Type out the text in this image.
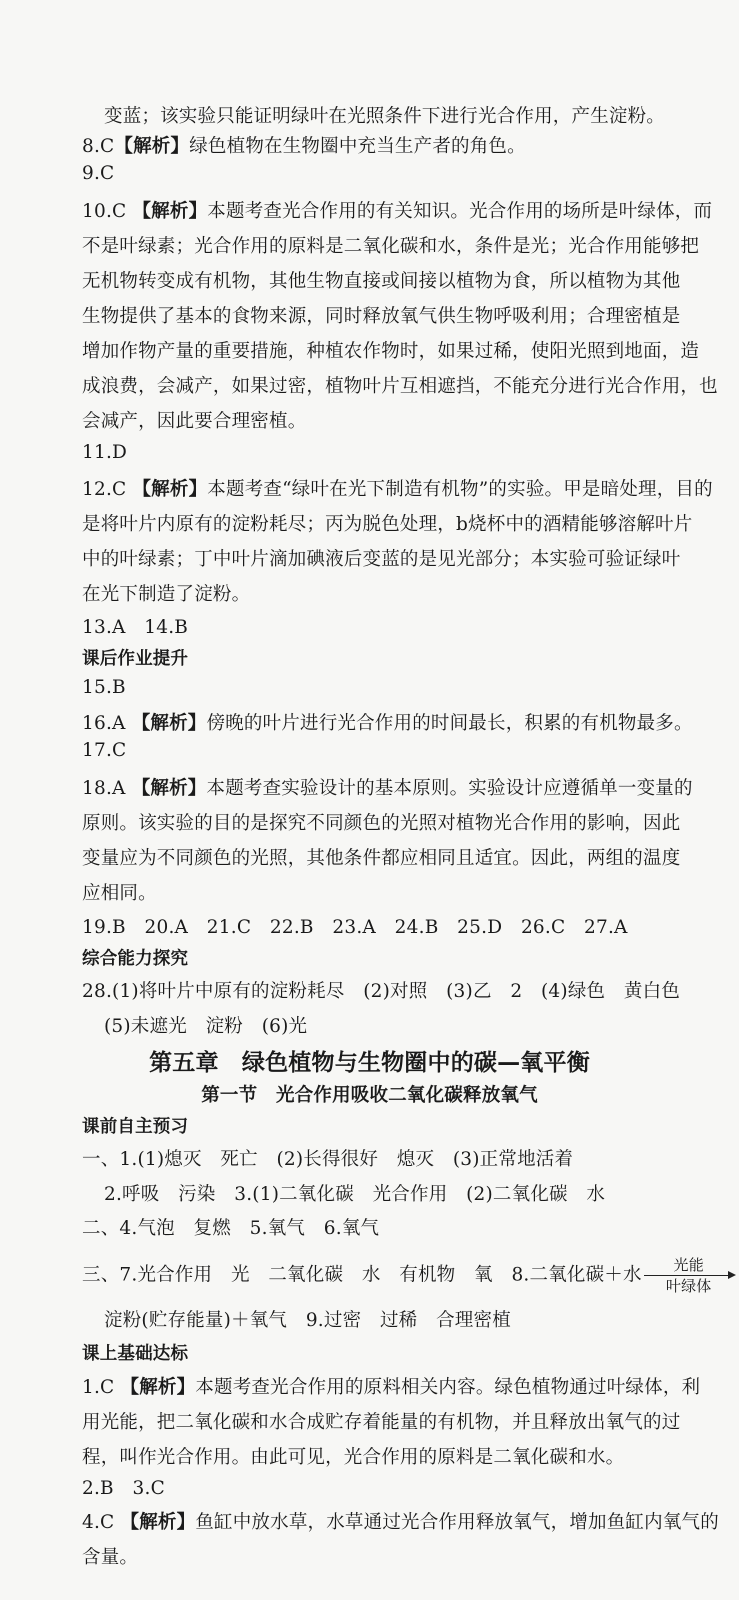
变蓝；该实验只能证明绿叶在光照条件下进行光合作用，产生淀粉。
8.C【解析】绿色植物在生物圈中充当生产者的角色。
9.C
10.C 【解析】本题考查光合作用的有关知识。光合作用的场所是叶绿体，而
不是叶绿素；光合作用的原料是二氧化碳和水，条件是光；光合作用能够把
无机物转变成有机物，其他生物直接或间接以植物为食，所以植物为其他
生物提供了基本的食物来源，同时释放氧气供生物呼吸利用；合理密植是
增加作物产量的重要措施，种植农作物时，如果过稀，使阳光照到地面，造
成浪费，会减产，如果过密，植物叶片互相遮挡，不能充分进行光合作用，也
会减产，因此要合理密植。
11.D
12.C 【解析】本题考查“绿叶在光下制造有机物”的实验。甲是暗处理，目的
是将叶片内原有的淀粉耗尽；丙为脱色处理，b烧杯中的酒精能够溶解叶片
中的叶绿素；丁中叶片滴加碘液后变蓝的是见光部分；本实验可验证绿叶
在光下制造了淀粉。
13.A　14.B
课后作业提升
15.B
16.A 【解析】傍晚的叶片进行光合作用的时间最长，积累的有机物最多。
17.C
18.A 【解析】本题考查实验设计的基本原则。实验设计应遵循单一变量的
原则。该实验的目的是探究不同颜色的光照对植物光合作用的影响，因此
变量应为不同颜色的光照，其他条件都应相同且适宜。因此，两组的温度
应相同。
19.B　20.A　21.C　22.B　23.A　24.B　25.D　26.C　27.A
综合能力探究
28.(1)将叶片中原有的淀粉耗尽　(2)对照　(3)乙　2　(4)绿色　黄白色
(5)未遮光　淀粉　(6)光
第五章　绿色植物与生物圈中的碳—氧平衡
第一节　光合作用吸收二氧化碳释放氧气
课前自主预习
一、1.(1)熄灭　死亡　(2)长得很好　熄灭　(3)正常地活着
2.呼吸　污染　3.(1)二氧化碳　光合作用　(2)二氧化碳　水
二、4.气泡　复燃　5.氧气　6.氧气
三、7.光合作用　光　二氧化碳　水　有机物　氧　8.二氧化碳＋水 $\frac{\text{光能}}{\text{叶绿体}}$
淀粉(贮存能量)＋氧气　9.过密　过稀　合理密植
课上基础达标
1.C 【解析】本题考查光合作用的原料相关内容。绿色植物通过叶绿体，利
用光能，把二氧化碳和水合成贮存着能量的有机物，并且释放出氧气的过
程，叫作光合作用。由此可见，光合作用的原料是二氧化碳和水。
2.B　3.C
4.C 【解析】鱼缸中放水草，水草通过光合作用释放氧气，增加鱼缸内氧气的
含量。
